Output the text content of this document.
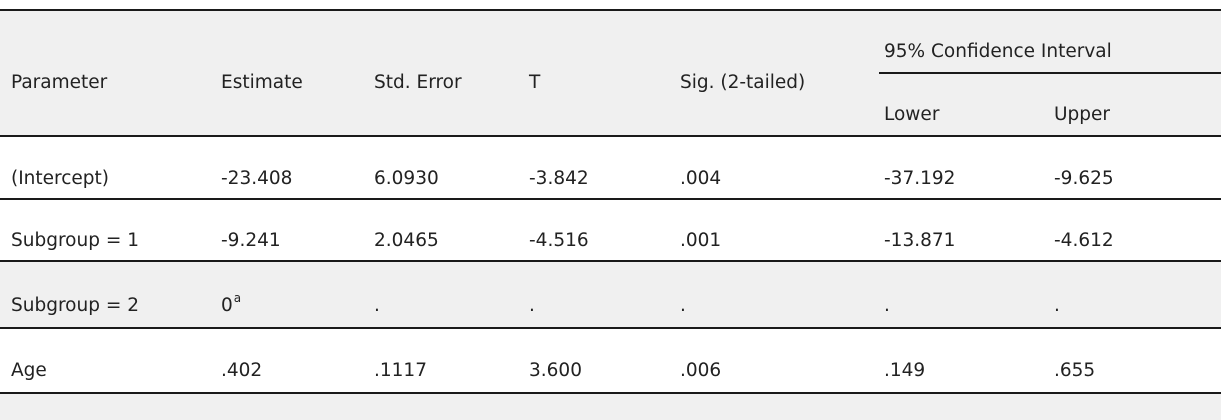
Parameter	Estimate	Std. Error	T	Sig. (2-tailed)
95% Confidence Interval
Lower	Upper
(Intercept)	-23.408	6.0930	-3.842	.004	-37.192	-9.625
Subgroup = 1	-9.241	2.0465	-4.516	.001	-13.871	-4.612
Subgroup = 2	0$^a$	.	.	.	.	.
Age	.402	.1117	3.600	.006	.149	.655
